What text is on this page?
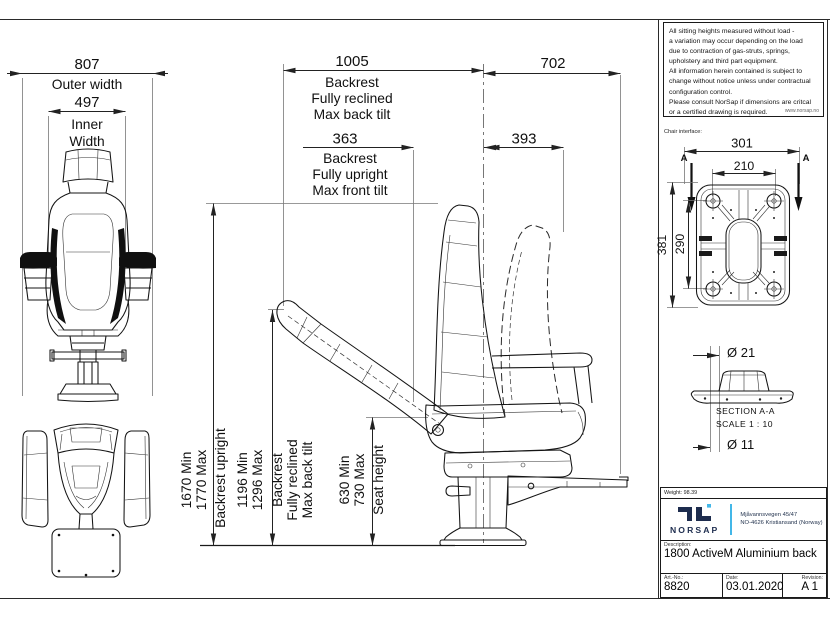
807
Outer width
497
Inner
Width
1005
Backrest
Fully reclined
Max back tilt
702
363
Backrest
Fully upright
Max front tilt
393
1670 Min 1770 Max Backrest upright 1196 Min 1296 Max Backrest Fully reclined Max back tilt 630 Min 730 Max Seat height
301
210
A	A
381 290
Ø 21
SECTION A-A
SCALE 1 : 10
Ø 11
All sitting heights measured without load -
a variation may occur depending on the load
due to contraction of gas-struts, springs,
upholstery and third part equipment.
All information herein contained is subject to
change without notice unless under contractual
configuration control.
Please consult NorSap if dimensions are critcal
or a certified drawing is required.	www.norsap.no
Chair interface:
Weight: 98.39
NORSAP
Mjåvannsvegen 45/47
NO-4626 Kristiansand (Norway)
Description:
1800 ActiveM Aluminium back
Art.-No.:
8820
Date:
03.01.2020
Revision:
A 1
